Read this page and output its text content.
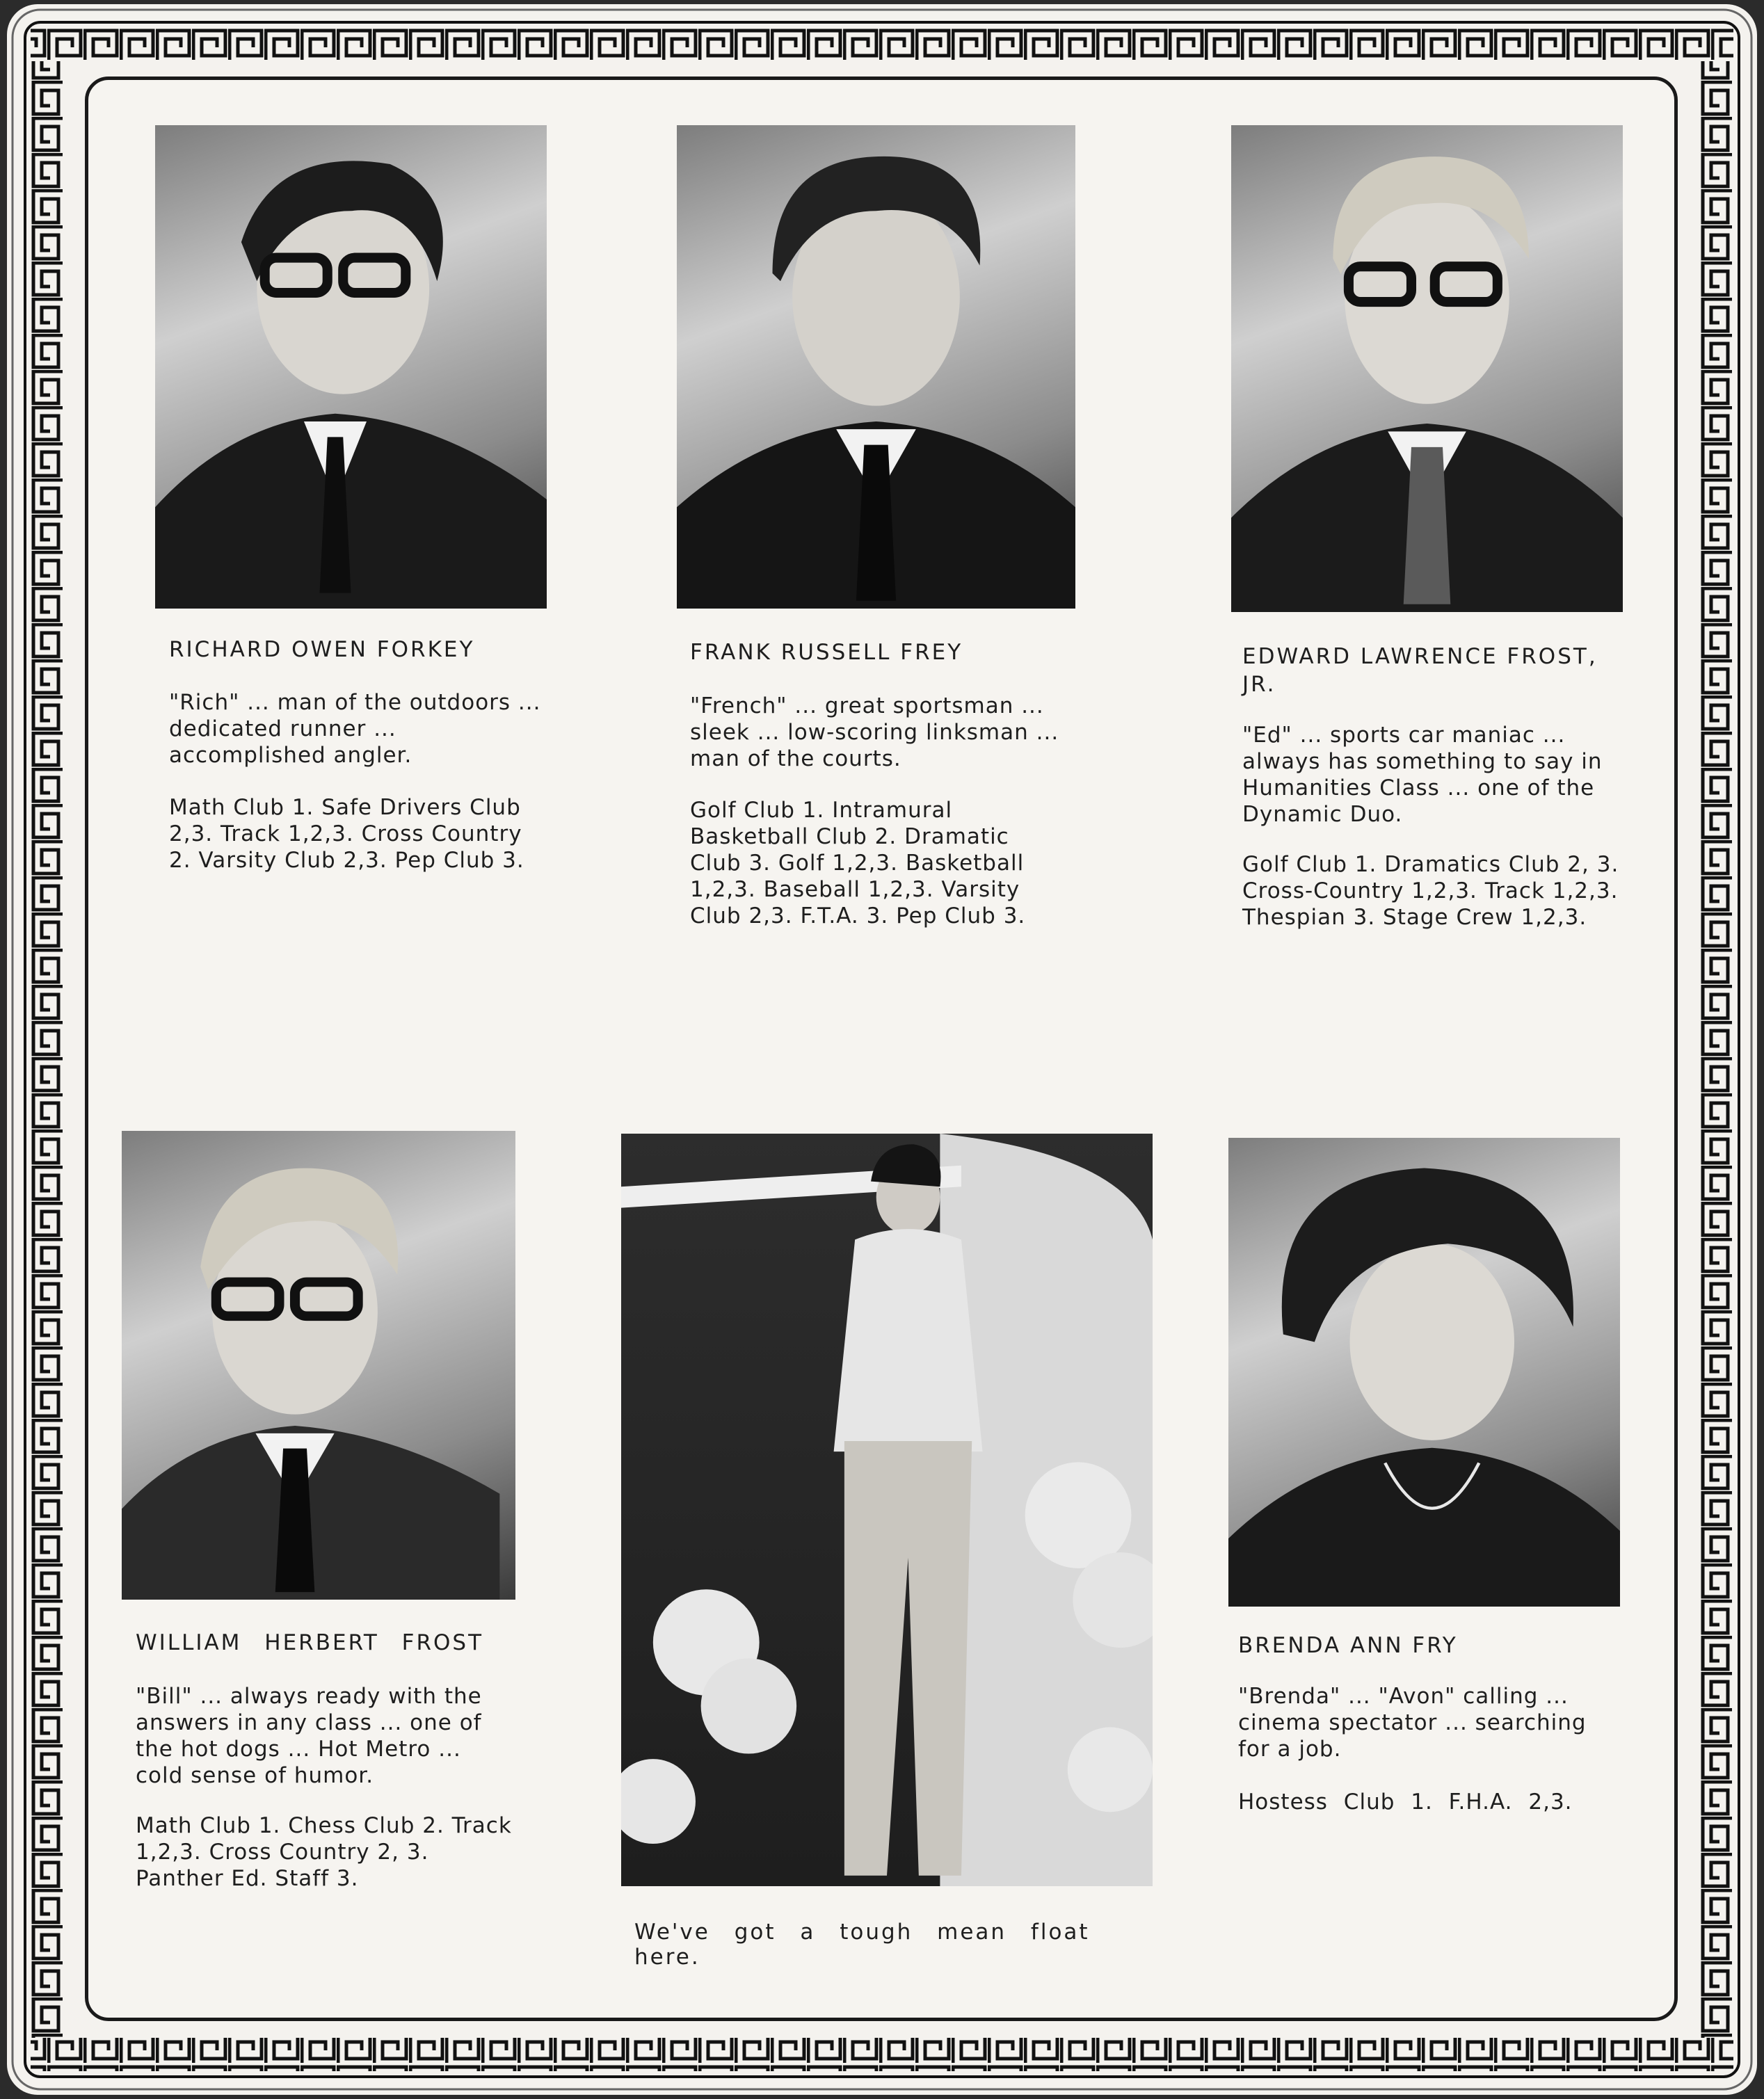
RICHARD OWEN FORKEY
"Rich" ... man of the outdoors ... dedicated runner ... accomplished angler.
Math Club 1. Safe Drivers Club 2,3. Track 1,2,3. Cross Country 2. Varsity Club 2,3. Pep Club 3.
FRANK RUSSELL FREY
"French" ... great sportsman ... sleek ... low-scoring linksman ... man of the courts.
Golf Club 1. Intramural Basketball Club 2. Dramatic Club 3. Golf 1,2,3. Basketball 1,2,3. Baseball 1,2,3. Varsity Club 2,3. F.T.A. 3. Pep Club 3.
EDWARD LAWRENCE FROST,
JR.
"Ed" ... sports car maniac ... always has something to say in Humanities Class ... one of the Dynamic Duo.
Golf Club 1. Dramatics Club 2, 3. Cross-Country 1,2,3. Track 1,2,3. Thespian 3. Stage Crew 1,2,3.
WILLIAM HERBERT FROST
"Bill" ... always ready with the answers in any class ... one of the hot dogs ... Hot Metro ... cold sense of humor.
Math Club 1. Chess Club 2. Track 1,2,3. Cross Country 2, 3. Panther Ed. Staff 3.
We've got a tough mean float here.
BRENDA ANN FRY
"Brenda" ... "Avon" calling ... cinema spectator ... searching for a job.
Hostess Club 1. F.H.A. 2,3.
